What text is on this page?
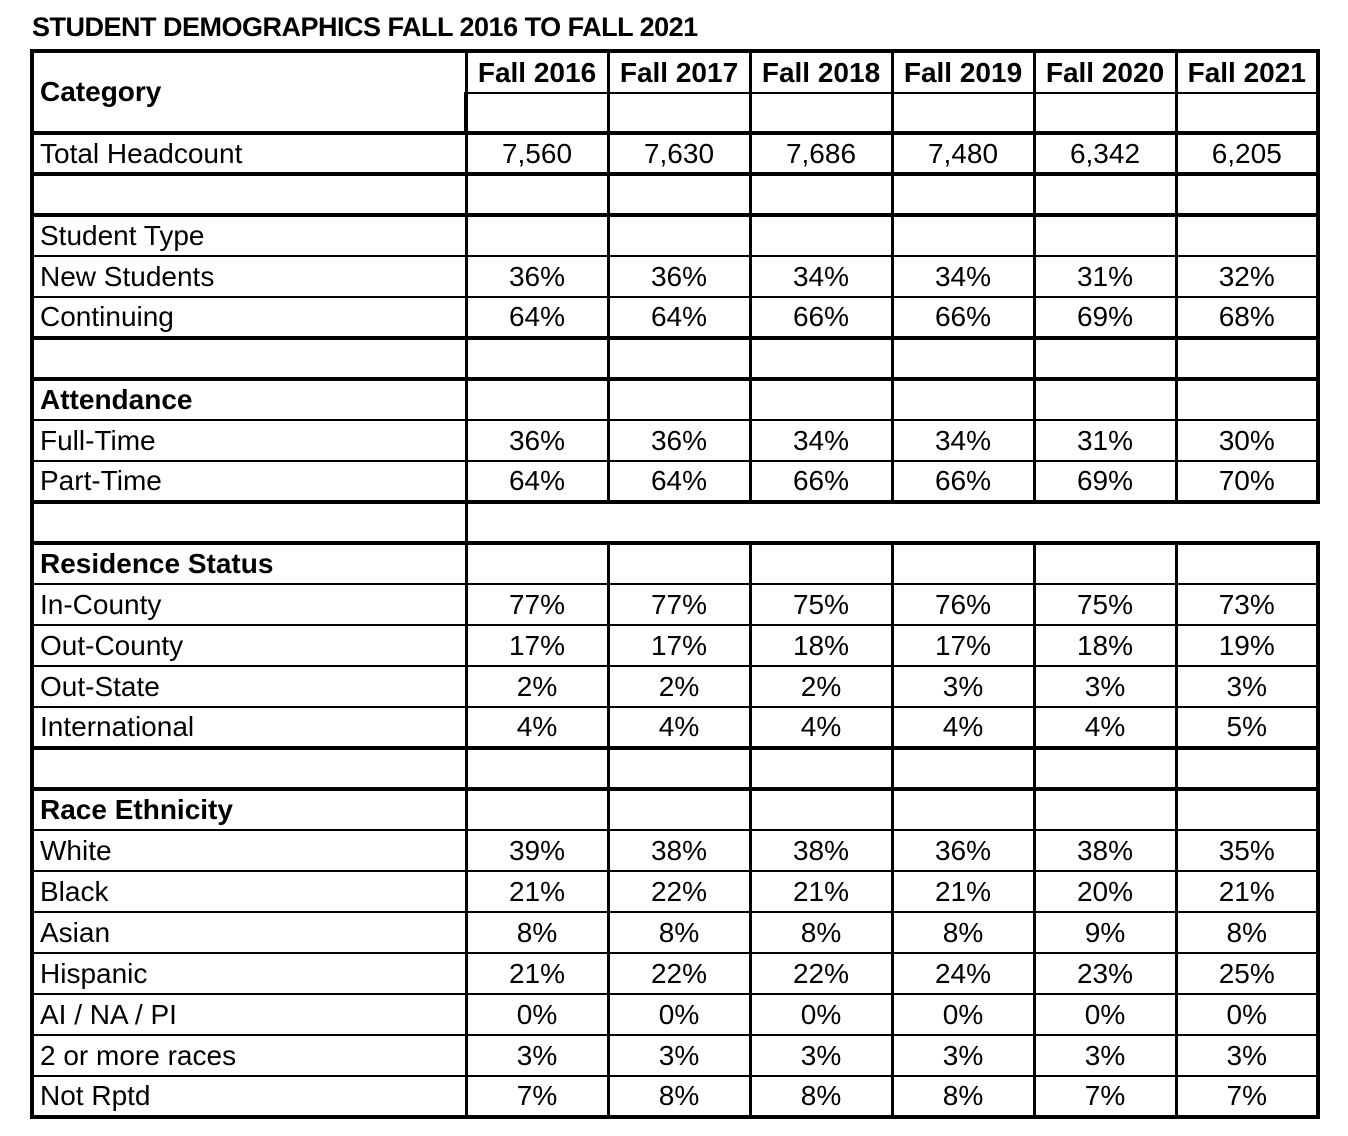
STUDENT DEMOGRAPHICS FALL 2016 TO FALL 2021
Category	Fall 2016	Fall 2017	Fall 2018	Fall 2019	Fall 2020	Fall 2021

Total Headcount	7,560	7,630	7,686	7,480	6,342	6,205

Student Type						
New Students	36%	36%	34%	34%	31%	32%
Continuing	64%	64%	66%	66%	69%	68%

Attendance						
Full-Time	36%	36%	34%	34%	31%	30%
Part-Time	64%	64%	66%	66%	69%	70%

Residence Status						
In-County	77%	77%	75%	76%	75%	73%
Out-County	17%	17%	18%	17%	18%	19%
Out-State	2%	2%	2%	3%	3%	3%
International	4%	4%	4%	4%	4%	5%

Race Ethnicity						
White	39%	38%	38%	36%	38%	35%
Black	21%	22%	21%	21%	20%	21%
Asian	8%	8%	8%	8%	9%	8%
Hispanic	21%	22%	22%	24%	23%	25%
AI / NA / PI	0%	0%	0%	0%	0%	0%
2 or more races	3%	3%	3%	3%	3%	3%
Not Rptd	7%	8%	8%	8%	7%	7%
